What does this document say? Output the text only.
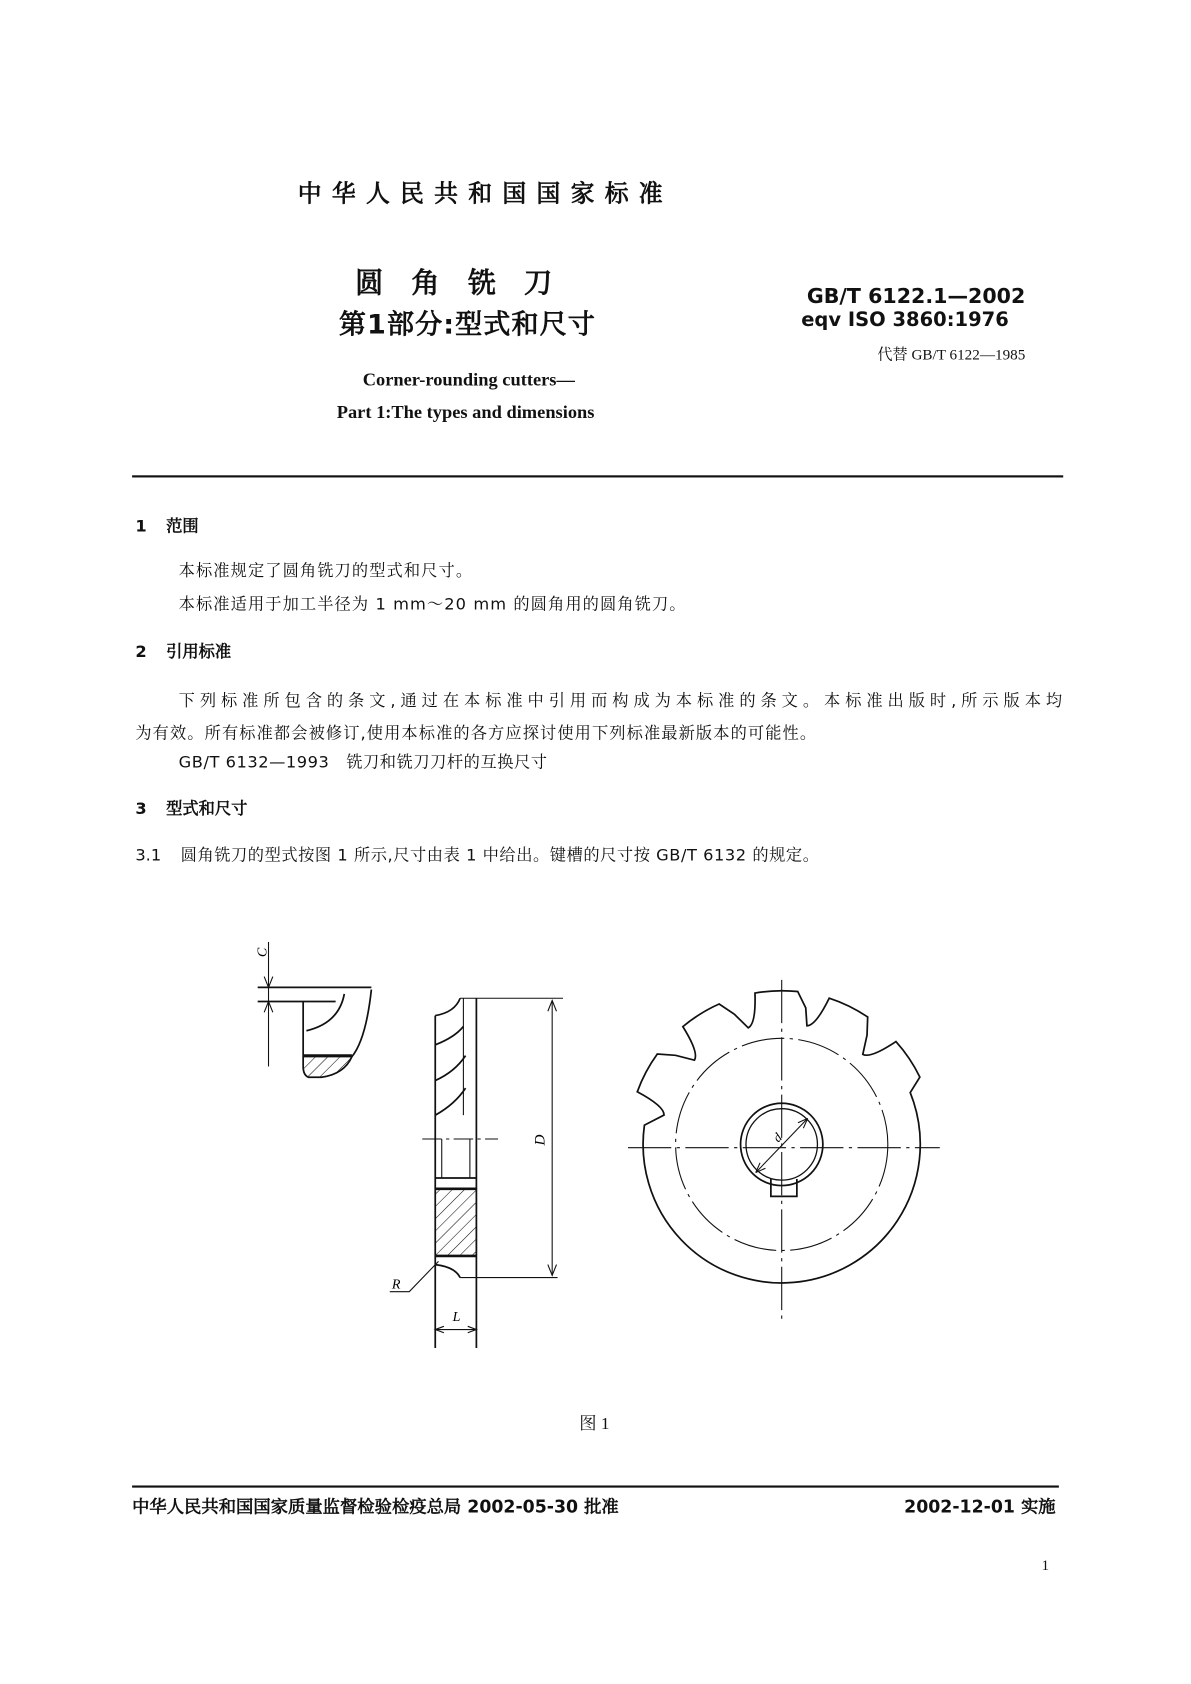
中华人民共和国国家标准
圆角铣刀
第1部分:型式和尺寸
Corner-rounding cutters—
Part 1:The types and dimensions
GB/T 6122.1—2002
eqv ISO 3860:1976
代替 GB/T 6122—1985
1 范围
本标准规定了圆角铣刀的型式和尺寸。
本标准适用于加工半径为 1 mm～20 mm 的圆角用的圆角铣刀。
2 引用标准
下列标准所包含的条文,通过在本标准中引用而构成为本标准的条文。本标准出版时,所示版本均
为有效。所有标准都会被修订,使用本标准的各方应探讨使用下列标准最新版本的可能性。
GB/T 6132—1993　铣刀和铣刀刀杆的互换尺寸
3 型式和尺寸
3.1 圆角铣刀的型式按图 1 所示,尺寸由表 1 中给出。键槽的尺寸按 GB/T 6132 的规定。
C
D
R
L
d
图 1
中华人民共和国国家质量监督检验检疫总局 2002-05-30 批准	2002-12-01 实施
1
